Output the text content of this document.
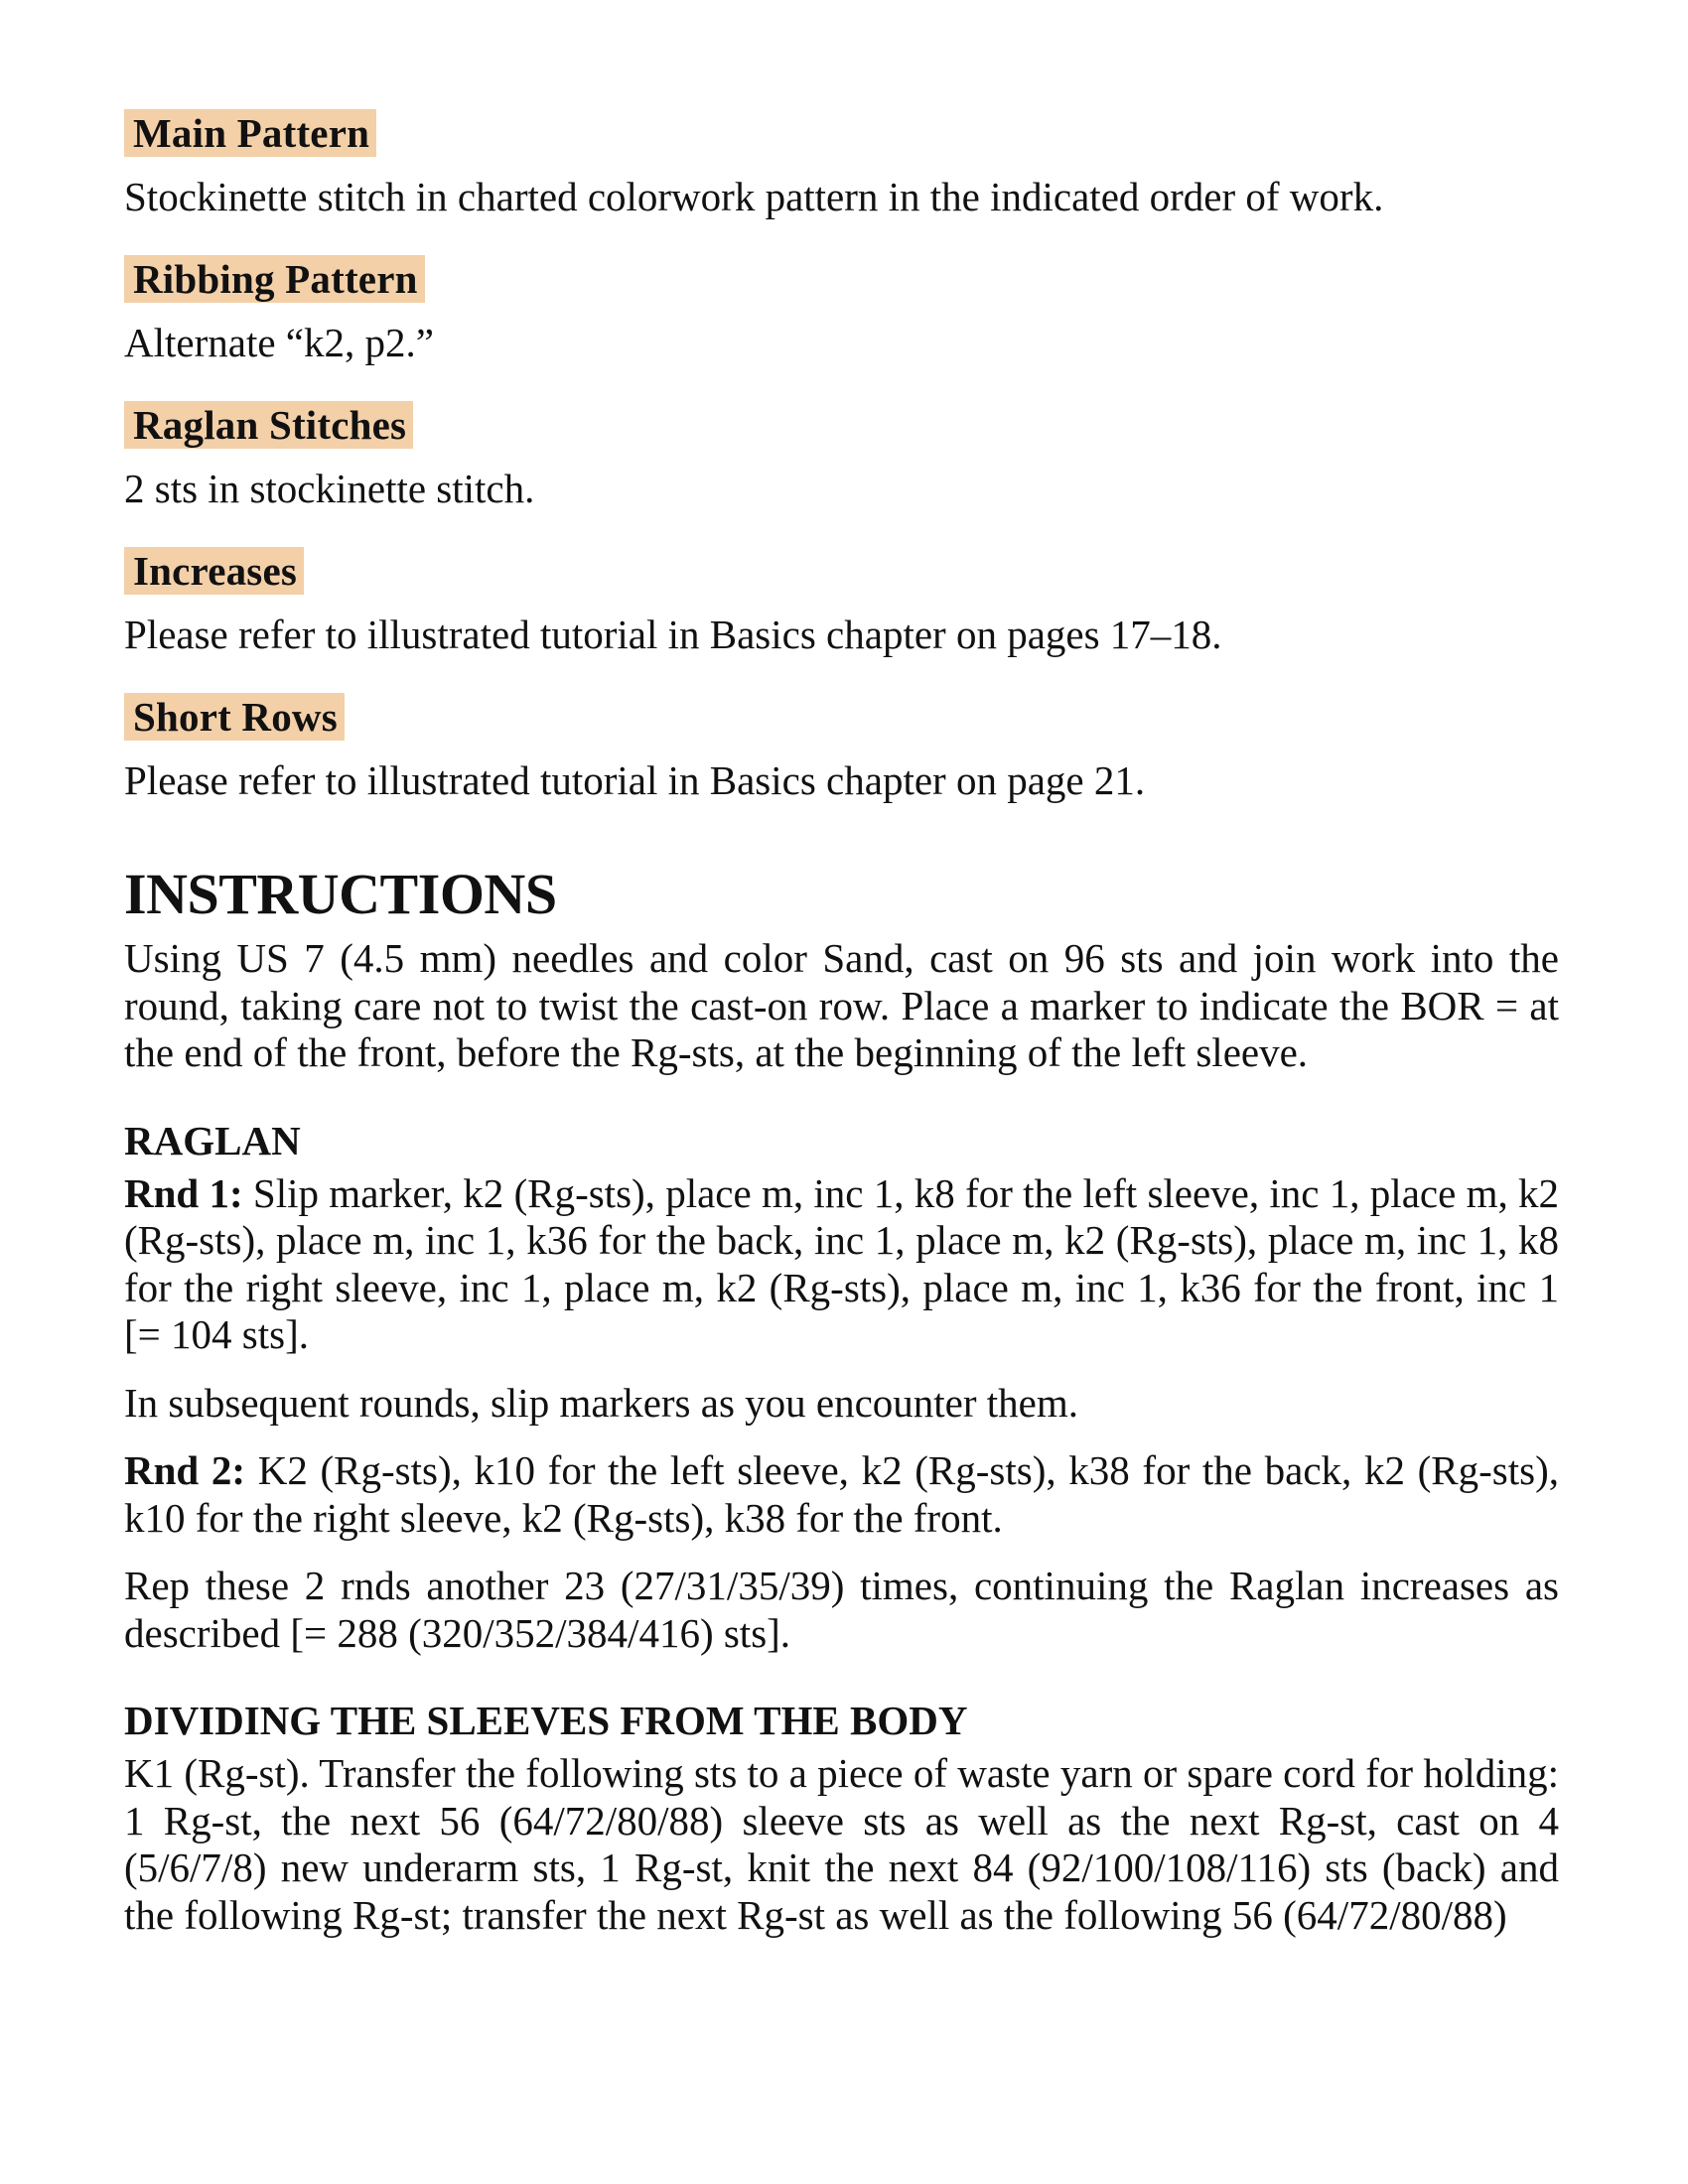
Main Pattern

Stockinette stitch in charted colorwork pattern in the indicated order of work.

Ribbing Pattern

Alternate “k2, p2.”

Raglan Stitches

2 sts in stockinette stitch.

Increases

Please refer to illustrated tutorial in Basics chapter on pages 17–18.

Short Rows

Please refer to illustrated tutorial in Basics chapter on page 21.

INSTRUCTIONS

Using US 7 (4.5 mm) needles and color Sand, cast on 96 sts and join work into the round, taking care not to twist the cast-on row. Place a marker to indicate the BOR = at the end of the front, before the Rg-sts, at the beginning of the left sleeve.

RAGLAN

Rnd 1: Slip marker, k2 (Rg-sts), place m, inc 1, k8 for the left sleeve, inc 1, place m, k2 (Rg-sts), place m, inc 1, k36 for the back, inc 1, place m, k2 (Rg-sts), place m, inc 1, k8 for the right sleeve, inc 1, place m, k2 (Rg-sts), place m, inc 1, k36 for the front, inc 1 [= 104 sts].

In subsequent rounds, slip markers as you encounter them.

Rnd 2: K2 (Rg-sts), k10 for the left sleeve, k2 (Rg-sts), k38 for the back, k2 (Rg-sts), k10 for the right sleeve, k2 (Rg-sts), k38 for the front.

Rep these 2 rnds another 23 (27/31/35/39) times, continuing the Raglan increases as described [= 288 (320/352/384/416) sts].

DIVIDING THE SLEEVES FROM THE BODY

K1 (Rg-st). Transfer the following sts to a piece of waste yarn or spare cord for holding: 1 Rg-st, the next 56 (64/72/80/88) sleeve sts as well as the next Rg-st, cast on 4 (5/6/7/8) new underarm sts, 1 Rg-st, knit the next 84 (92/100/108/116) sts (back) and the following Rg-st; transfer the next Rg-st as well as the following 56 (64/72/80/88)
